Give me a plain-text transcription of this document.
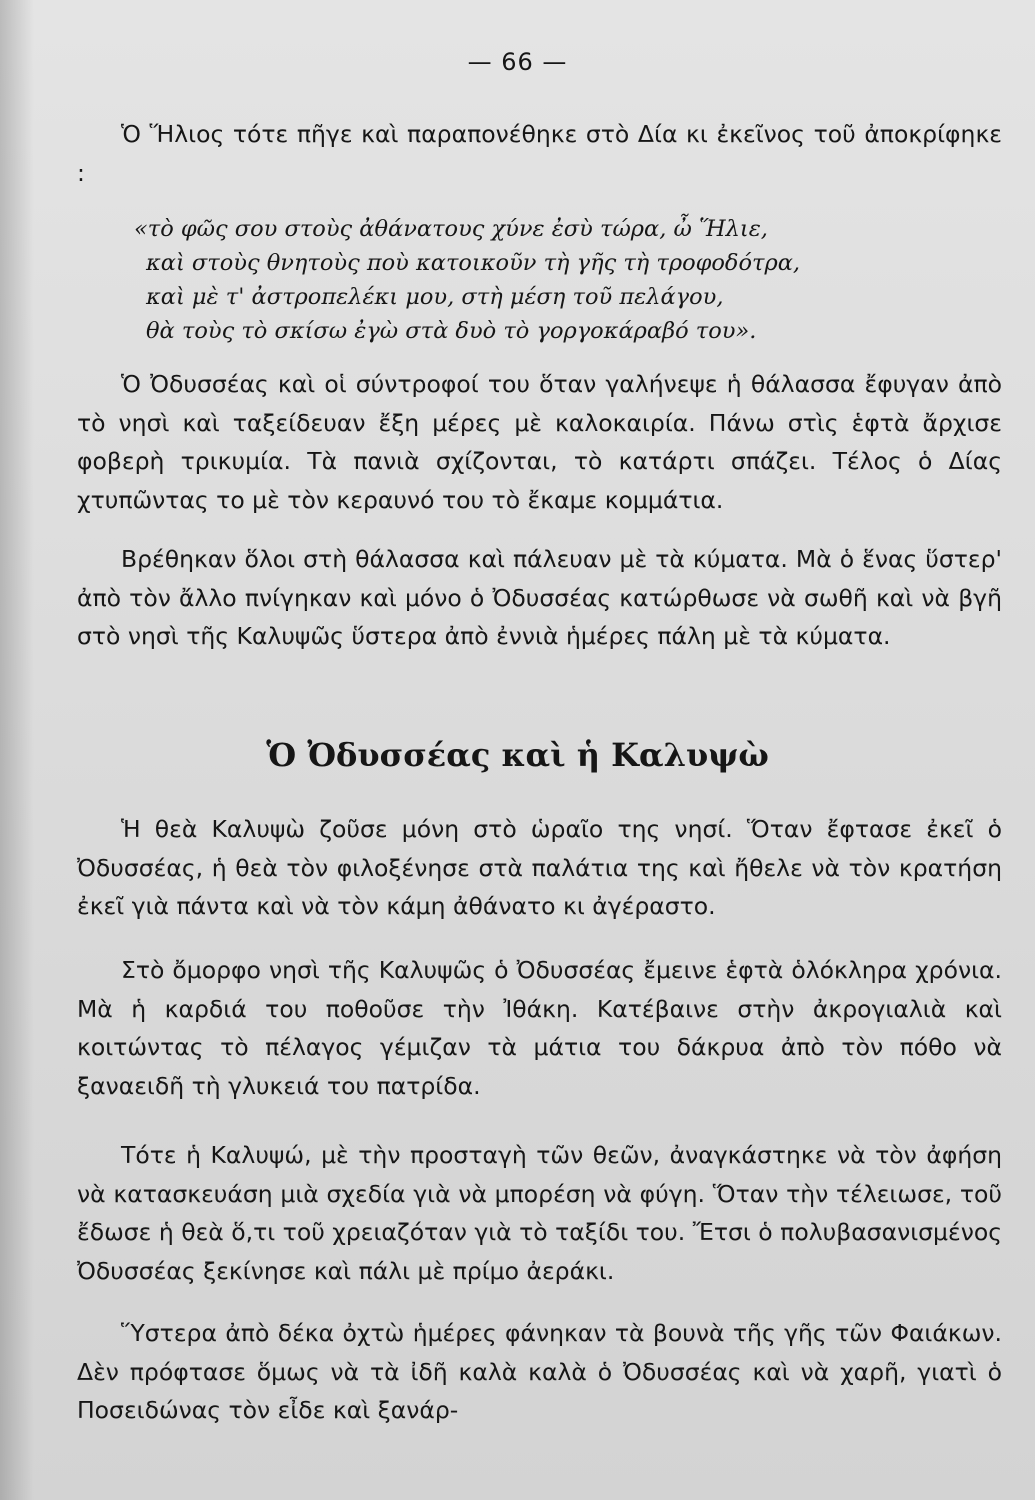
— 66 —

Ὁ Ἥλιος τότε πῆγε καὶ παραπονέθηκε στὸ Δία κι ἐκεῖνος τοῦ ἀποκρίφηκε :

«τὸ φῶς σου στοὺς ἀθάνατους χύνε ἐσὺ τώρα, ὦ Ἥλιε,
καὶ στοὺς θνητοὺς ποὺ κατοικοῦν τὴ γῆς τὴ τροφοδότρα,
καὶ μὲ τ' ἀστροπελέκι μου, στὴ μέση τοῦ πελάγου,
θὰ τοὺς τὸ σκίσω ἐγὼ στὰ δυὸ τὸ γοργοκάραβό του».

Ὁ Ὀδυσσέας καὶ οἱ σύντροφοί του ὅταν γαλήνεψε ἡ θάλασσα ἔφυγαν ἀπὸ τὸ νησὶ καὶ ταξείδευαν ἔξη μέρες μὲ καλοκαιρία. Πάνω στὶς ἑφτὰ ἄρχισε φοβερὴ τρικυμία. Τὰ πανιὰ σχίζονται, τὸ κατάρτι σπάζει. Τέλος ὁ Δίας χτυπῶντας το μὲ τὸν κεραυνό του τὸ ἔκαμε κομμάτια.

Βρέθηκαν ὅλοι στὴ θάλασσα καὶ πάλευαν μὲ τὰ κύματα. Μὰ ὁ ἕνας ὕστερ' ἀπὸ τὸν ἄλλο πνίγηκαν καὶ μόνο ὁ Ὀδυσσέας κατώρθωσε νὰ σωθῆ καὶ νὰ βγῆ στὸ νησὶ τῆς Καλυψῶς ὕστερα ἀπὸ ἐννιὰ ἡμέρες πάλη μὲ τὰ κύματα.

Ὁ Ὀδυσσέας καὶ ἡ Καλυψὼ

Ἡ θεὰ Καλυψὼ ζοῦσε μόνη στὸ ὡραῖο της νησί. Ὅταν ἔφτασε ἐκεῖ ὁ Ὀδυσσέας, ἡ θεὰ τὸν φιλοξένησε στὰ παλάτια της καὶ ἤθελε νὰ τὸν κρατήση ἐκεῖ γιὰ πάντα καὶ νὰ τὸν κάμη ἀθάνατο κι ἀγέραστο.

Στὸ ὄμορφο νησὶ τῆς Καλυψῶς ὁ Ὀδυσσέας ἔμεινε ἑφτὰ ὁλόκληρα χρόνια. Μὰ ἡ καρδιά του ποθοῦσε τὴν Ἰθάκη. Κατέβαινε στὴν ἀκρογιαλιὰ καὶ κοιτώντας τὸ πέλαγος γέμιζαν τὰ μάτια του δάκρυα ἀπὸ τὸν πόθο νὰ ξαναειδῆ τὴ γλυκειά του πατρίδα.

Τότε ἡ Καλυψώ, μὲ τὴν προσταγὴ τῶν θεῶν, ἀναγκάστηκε νὰ τὸν ἀφήση νὰ κατασκευάση μιὰ σχεδία γιὰ νὰ μπορέση νὰ φύγη. Ὅταν τὴν τέλειωσε, τοῦ ἔδωσε ἡ θεὰ ὅ,τι τοῦ χρειαζόταν γιὰ τὸ ταξίδι του. Ἔτσι ὁ πολυβασανισμένος Ὀδυσσέας ξεκίνησε καὶ πάλι μὲ πρίμο ἀεράκι.

Ὕστερα ἀπὸ δέκα ὀχτὼ ἡμέρες φάνηκαν τὰ βουνὰ τῆς γῆς τῶν Φαιάκων. Δὲν πρόφτασε ὅμως νὰ τὰ ἰδῆ καλὰ καλὰ ὁ Ὀδυσσέας καὶ νὰ χαρῆ, γιατὶ ὁ Ποσειδώνας τὸν εἶδε καὶ ξανάρ-
